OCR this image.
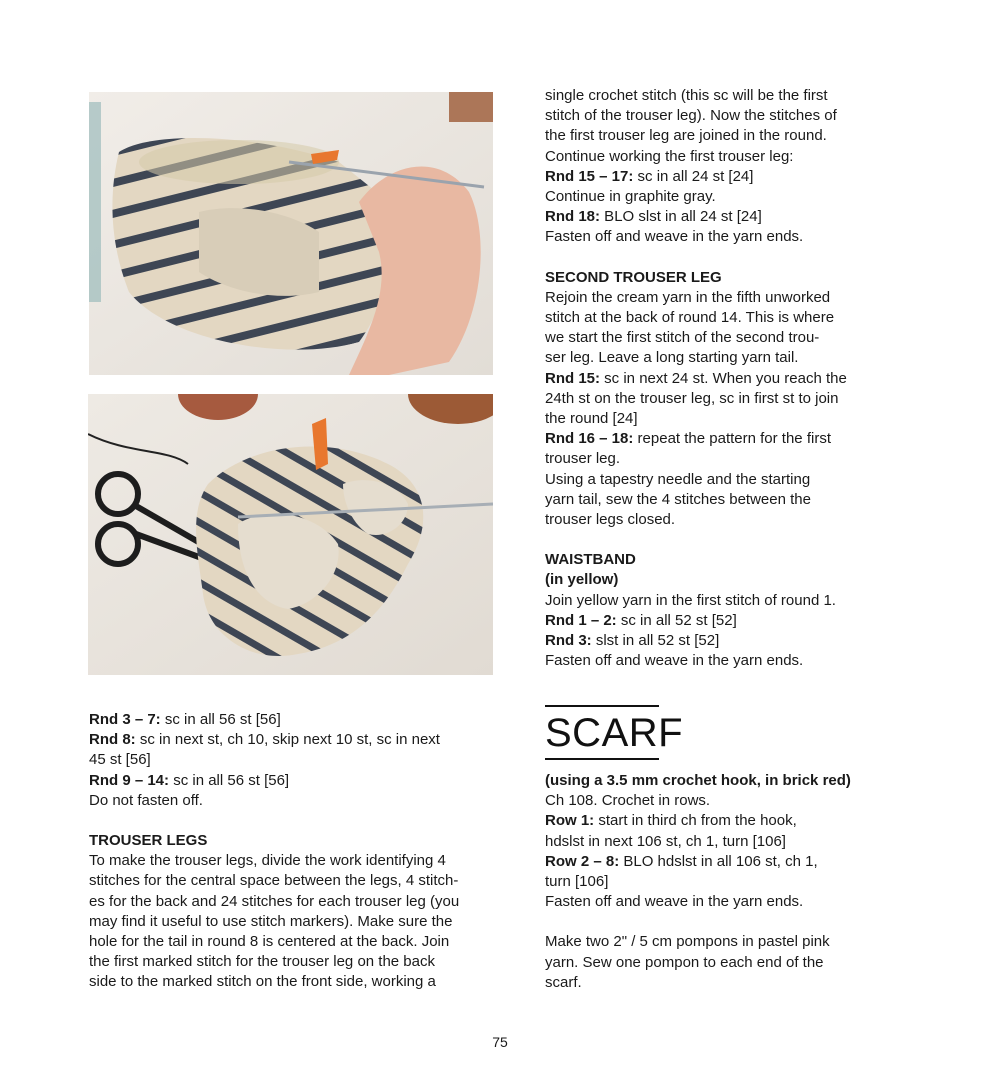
Rnd 3 – 7: sc in all 56 st [56]

Rnd 8: sc in next st, ch 10, skip next 10 st, sc in next

45 st [56]

Rnd 9 – 14: sc in all 56 st [56]

Do not fasten off.

TROUSER LEGS

To make the trouser legs, divide the work identifying 4

stitches for the central space between the legs, 4 stitch-

es for the back and 24 stitches for each trouser leg (you

may find it useful to use stitch markers). Make sure the

hole for the tail in round 8 is centered at the back. Join

the first marked stitch for the trouser leg on the back

side to the marked stitch on the front side, working a

single crochet stitch (this sc will be the first

stitch of the trouser leg). Now the stitches of

the first trouser leg are joined in the round.

Continue working the first trouser leg:

Rnd 15 – 17: sc in all 24 st [24]

Continue in graphite gray.

Rnd 18: BLO slst in all 24 st [24]

Fasten off and weave in the yarn ends.

SECOND TROUSER LEG

Rejoin the cream yarn in the fifth unworked

stitch at the back of round 14. This is where

we start the first stitch of the second trou-

ser leg. Leave a long starting yarn tail.

Rnd 15: sc in next 24 st. When you reach the

24th st on the trouser leg, sc in first st to join

the round [24]

Rnd 16 – 18: repeat the pattern for the first

trouser leg.

Using a tapestry needle and the starting

yarn tail, sew the 4 stitches between the

trouser legs closed.

WAISTBAND

(in yellow)

Join yellow yarn in the first stitch of round 1.

Rnd 1 – 2: sc in all 52 st [52]

Rnd 3: slst in all 52 st [52]

Fasten off and weave in the yarn ends.

SCARF

(using a 3.5 mm crochet hook, in brick red)

Ch 108. Crochet in rows.

Row 1: start in third ch from the hook,

hdslst in next 106 st, ch 1, turn [106]

Row 2 – 8: BLO hdslst in all 106 st, ch 1,

turn [106]

Fasten off and weave in the yarn ends.

Make two 2" / 5 cm pompons in pastel pink

yarn. Sew one pompon to each end of the

scarf.

75
